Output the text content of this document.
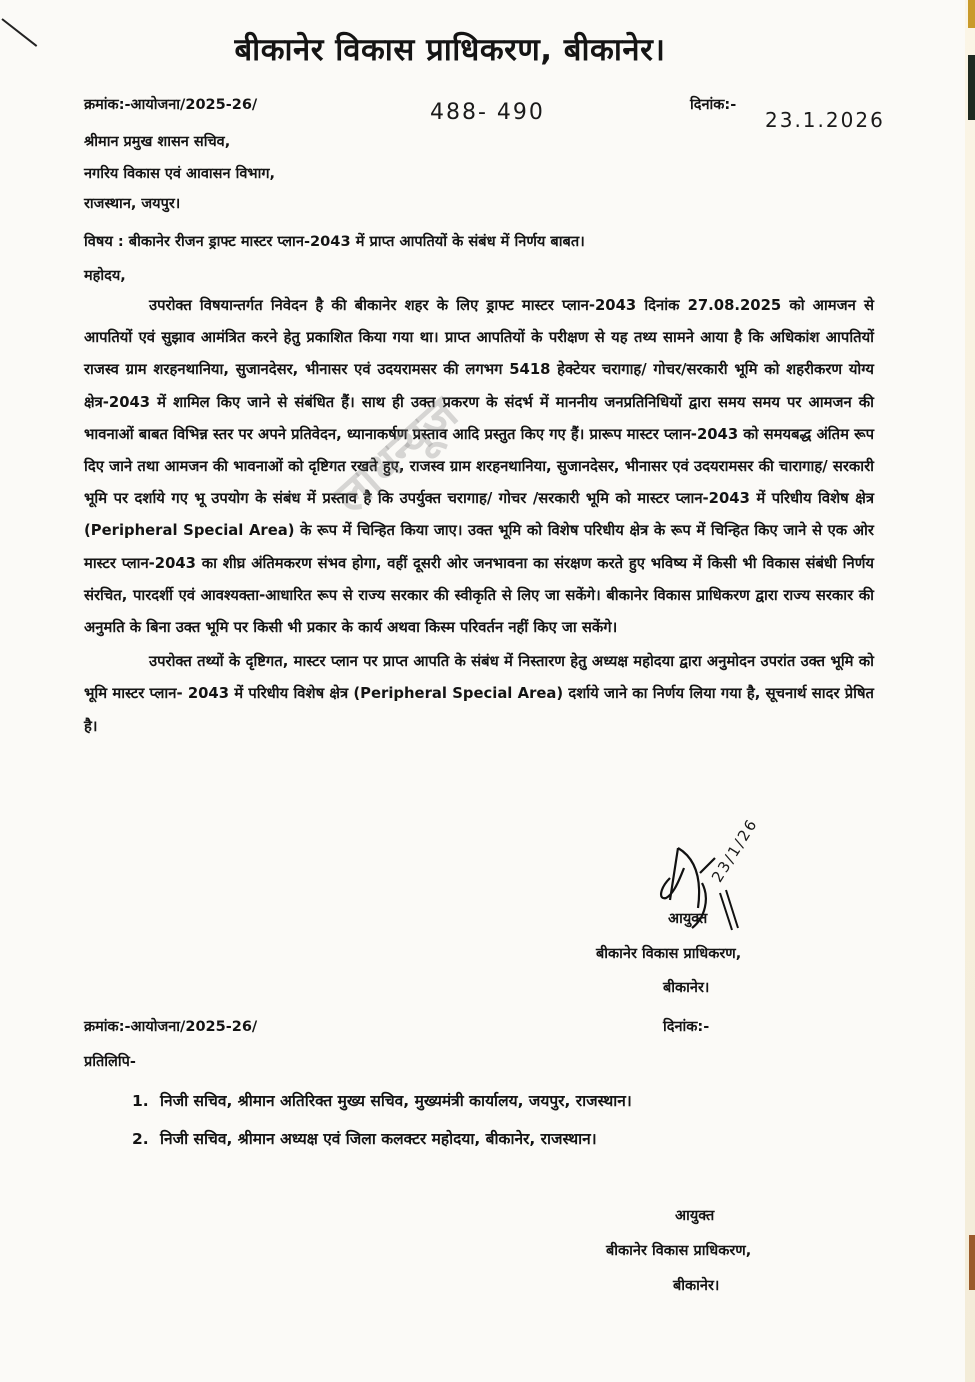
बीकानेर विकास प्राधिकरण, बीकानेर।
क्रमांक:-आयोजना/2025-26/	488- 490	दिनांक:-
23.1.2026
श्रीमान प्रमुख शासन सचिव,
नगरिय विकास एवं आवासन विभाग,
राजस्थान, जयपुर।
विषय : बीकानेर रीजन ड्राफ्ट मास्टर प्लान-2043 में प्राप्त आपतियों के संबंध में निर्णय बाबत।
महोदय,

उपरोक्त विषयान्तर्गत निवेदन है की बीकानेर शहर के लिए ड्राफ्ट मास्टर प्लान-2043 दिनांक 27.08.2025 को आमजन से आपतियों एवं सुझाव आमंत्रित करने हेतु प्रकाशित किया गया था। प्राप्त आपतियों के परीक्षण से यह तथ्य सामने आया है कि अधिकांश आपतियों राजस्व ग्राम शरहनथानिया, सुजानदेसर, भीनासर एवं उदयरामसर की लगभग 5418 हेक्टेयर चरागाह/ गोचर/सरकारी भूमि को शहरीकरण योग्य क्षेत्र-2043 में शामिल किए जाने से संबंधित हैं। साथ ही उक्त प्रकरण के संदर्भ में माननीय जनप्रतिनिधियों द्वारा समय समय पर आमजन की भावनाओं बाबत विभिन्न स्तर पर अपने प्रतिवेदन, ध्यानाकर्षण प्रस्ताव आदि प्रस्तुत किए गए हैं। प्रारूप मास्टर प्लान-2043 को समयबद्ध अंतिम रूप दिए जाने तथा आमजन की भावनाओं को दृष्टिगत रखते हुए, राजस्व ग्राम शरहनथानिया, सुजानदेसर, भीनासर एवं उदयरामसर की चारागाह/ सरकारी भूमि पर दर्शाये गए भू उपयोग के संबंध में प्रस्ताव है कि उपर्युक्त चरागाह/ गोचर /सरकारी भूमि को मास्टर प्लान-2043 में परिधीय विशेष क्षेत्र (Peripheral Special Area) के रूप में चिन्हित किया जाए। उक्त भूमि को विशेष परिधीय क्षेत्र के रूप में चिन्हित किए जाने से एक ओर मास्टर प्लान-2043 का शीघ्र अंतिमकरण संभव होगा, वहीं दूसरी ओर जनभावना का संरक्षण करते हुए भविष्य में किसी भी विकास संबंधी निर्णय संरचित, पारदर्शी एवं आवश्यक्ता-आधारित रूप से राज्य सरकार की स्वीकृति से लिए जा सकेंगे। बीकानेर विकास प्राधिकरण द्वारा राज्य सरकार की अनुमति के बिना उक्त भूमि पर किसी भी प्रकार के कार्य अथवा किस्म परिवर्तन नहीं किए जा सकेंगे।

उपरोक्त तथ्यों के दृष्टिगत, मास्टर प्लान पर प्राप्त आपति के संबंध में निस्तारण हेतु अध्यक्ष महोदया द्वारा अनुमोदन उपरांत उक्त भूमि को भूमि मास्टर प्लान- 2043 में परिधीय विशेष क्षेत्र (Peripheral Special Area) दर्शाये जाने का निर्णय लिया गया है, सूचनार्थ सादर प्रेषित है।

लाधन्यूज
23/1/26
आयुक्त
बीकानेर विकास प्राधिकरण,
बीकानेर।
क्रमांक:-आयोजना/2025-26/	दिनांक:-
प्रतिलिपि-
1. निजी सचिव, श्रीमान अतिरिक्त मुख्य सचिव, मुख्यमंत्री कार्यालय, जयपुर, राजस्थान।
2. निजी सचिव, श्रीमान अध्यक्ष एवं जिला कलक्टर महोदया, बीकानेर, राजस्थान।
आयुक्त
बीकानेर विकास प्राधिकरण,
बीकानेर।
